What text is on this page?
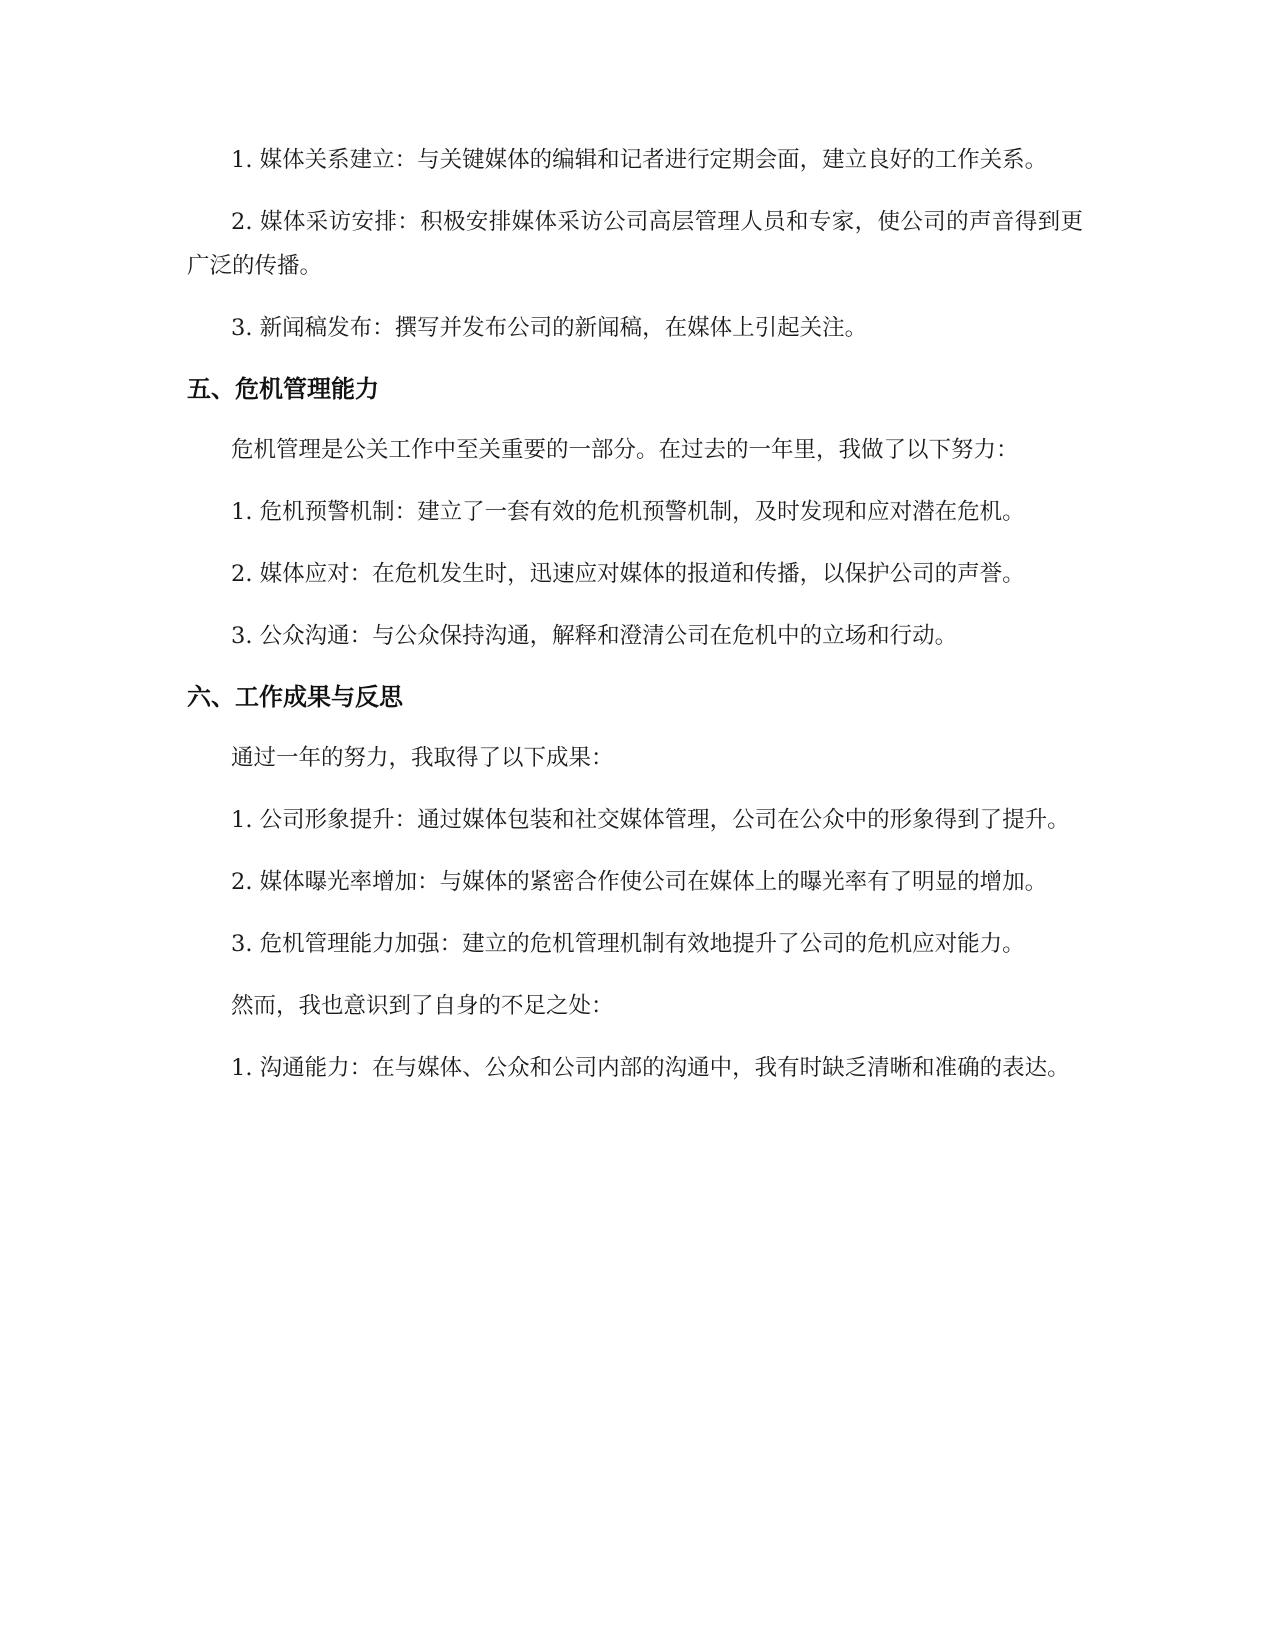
1. 媒体关系建立：与关键媒体的编辑和记者进行定期会面，建立良好的工作关系。

2. 媒体采访安排：积极安排媒体采访公司高层管理人员和专家，使公司的声音得到更广泛的传播。

3. 新闻稿发布：撰写并发布公司的新闻稿，在媒体上引起关注。

五、危机管理能力

危机管理是公关工作中至关重要的一部分。在过去的一年里，我做了以下努力：

1. 危机预警机制：建立了一套有效的危机预警机制，及时发现和应对潜在危机。

2. 媒体应对：在危机发生时，迅速应对媒体的报道和传播，以保护公司的声誉。

3. 公众沟通：与公众保持沟通，解释和澄清公司在危机中的立场和行动。

六、工作成果与反思

通过一年的努力，我取得了以下成果：

1. 公司形象提升：通过媒体包装和社交媒体管理，公司在公众中的形象得到了提升。

2. 媒体曝光率增加：与媒体的紧密合作使公司在媒体上的曝光率有了明显的增加。

3. 危机管理能力加强：建立的危机管理机制有效地提升了公司的危机应对能力。

然而，我也意识到了自身的不足之处：

1. 沟通能力：在与媒体、公众和公司内部的沟通中，我有时缺乏清晰和准确的表达。
